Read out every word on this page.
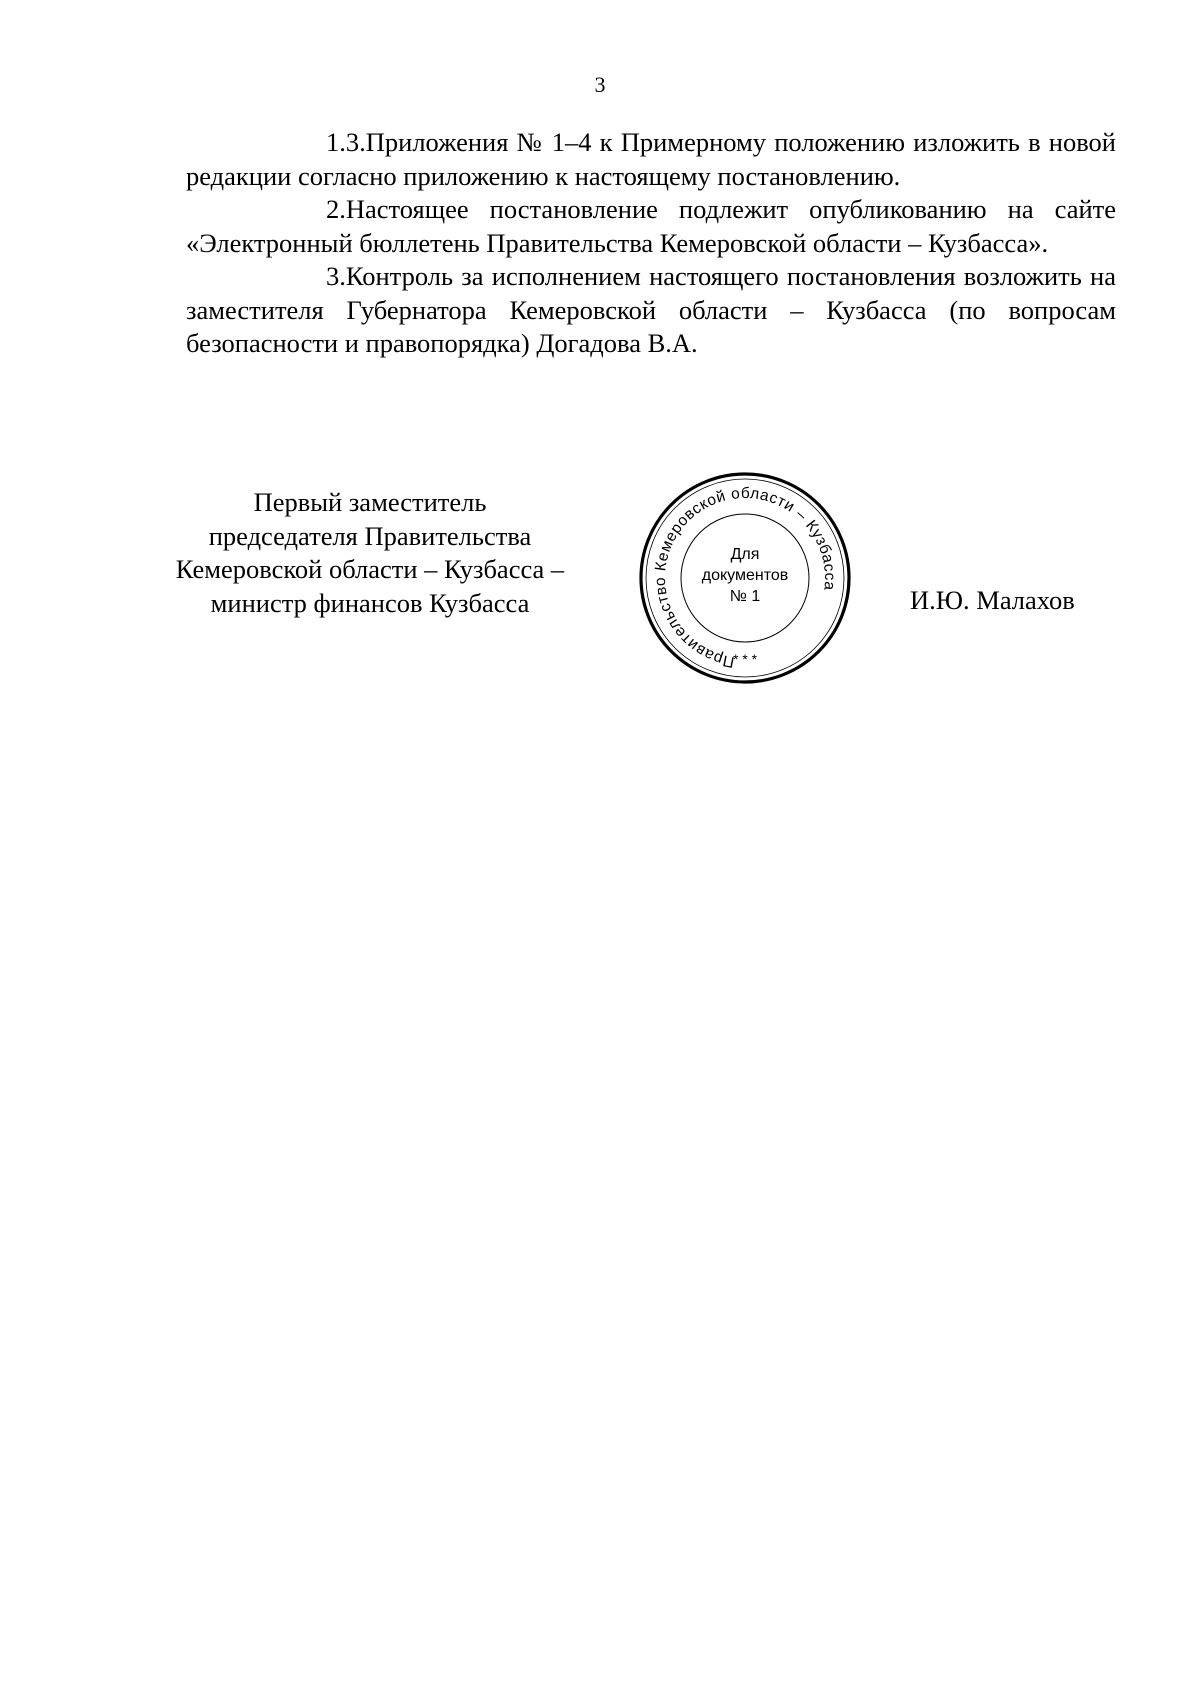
3

1.3.Приложения № 1–4 к Примерному положению изложить в новой редакции согласно приложению к настоящему постановлению.

2.Настоящее постановление подлежит опубликованию на сайте «Электронный бюллетень Правительства Кемеровской области – Кузбасса».

3.Контроль за исполнением настоящего постановления возложить на заместителя Губернатора Кемеровской области – Кузбасса (по вопросам безопасности и правопорядка) Догадова В.А.

Первый заместитель
председателя Правительства
Кемеровской области – Кузбасса –
министр финансов Кузбасса
Правительство Кемеровской области – Кузбасса
* * *
Для
документов
№ 1	И.Ю. Малахов
